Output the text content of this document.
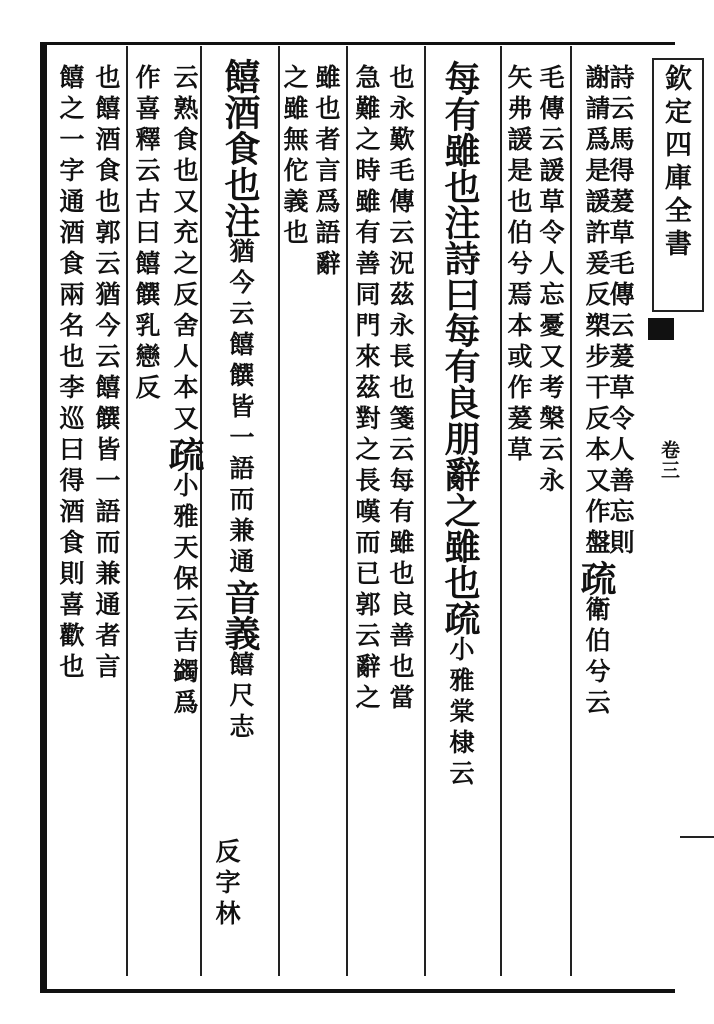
欽定四庫全書
卷三
詩云馬得萲草毛傳云萲草令人善忘則
謝請爲是諼許爰反槊步干反本又作盤疏衛伯兮云
毛傳云諼草令人忘憂又考槃云永
矢弗諼是也伯兮焉本或作萲草
每有雖也注詩曰每有良朋辭之雖也疏小雅棠棣云
也永歎毛傳云況茲永長也箋云每有雖也良善也當
急難之時雖有善同門來茲對之長嘆而已郭云辭之
雖也者言爲語辭
之雖無佗義也
饎酒食也注猶今云饎饌皆一語而兼通音義饎尺志
云熟食也又充之反舍人本又疏小雅天保云吉蠲爲
作喜釋云古曰饎饌乳戀反
反字林
也饎酒食也郭云猶今云饎饌皆一語而兼通者言
饎之一字通酒食兩名也李巡曰得酒食則喜歡也
